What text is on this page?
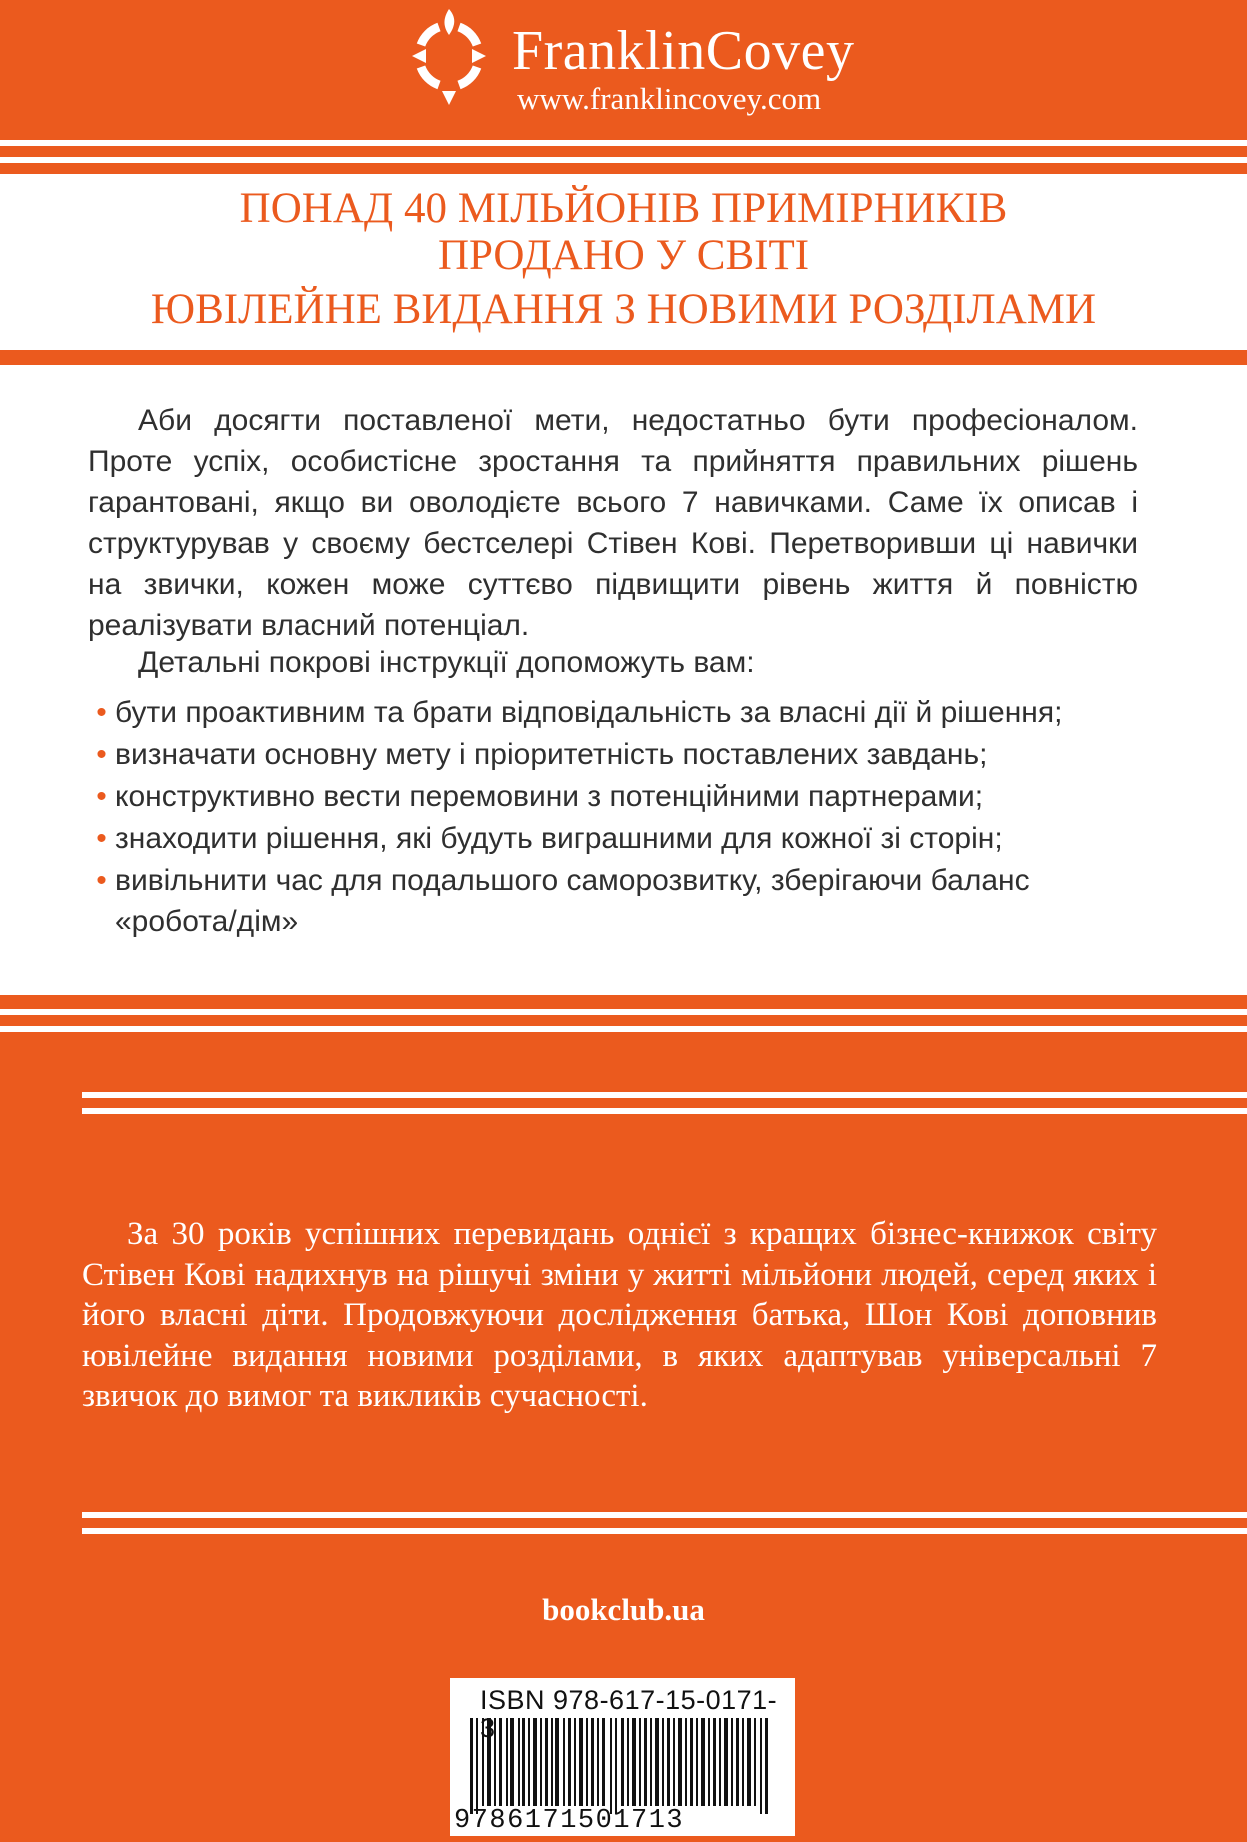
FranklinCovey
www.franklincovey.com
ПОНАД 40 МІЛЬЙОНІВ ПРИМІРНИКІВ
ПРОДАНО У СВІТІ
ЮВІЛЕЙНЕ ВИДАННЯ З НОВИМИ РОЗДІЛАМИ
Аби досягти поставленої мети, недостатньо бути професіоналом. Проте успіх, особистісне зростання та прийняття правильних рішень гарантовані, якщо ви оволодієте всього 7 навичками. Саме їх описав і структурував у своєму бестселері Стівен Кові. Перетворивши ці навички на звички, кожен може суттєво підвищити рівень життя й повністю реалізувати власний потенціал.
Детальні покрові інструкції допоможуть вам:
• бути проактивним та брати відповідальність за власні дії й рішення;
• визначати основну мету і пріоритетність поставлених завдань;
• конструктивно вести перемовини з потенційними партнерами;
• знаходити рішення, які будуть виграшними для кожної зі сторін;
• вивільнити час для подальшого саморозвитку, зберігаючи баланс «робота/дім»
За 30 років успішних перевидань однієї з кращих бізнес-книжок світу Стівен Кові надихнув на рішучі зміни у житті мільйони людей, серед яких і його власні діти. Продовжуючи дослідження батька, Шон Кові доповнив ювілейне видання новими розділами, в яких адаптував універсальні 7 звичок до вимог та викликів сучасності.
bookclub.ua
ISBN 978-617-15-0171-3
9786171501713
